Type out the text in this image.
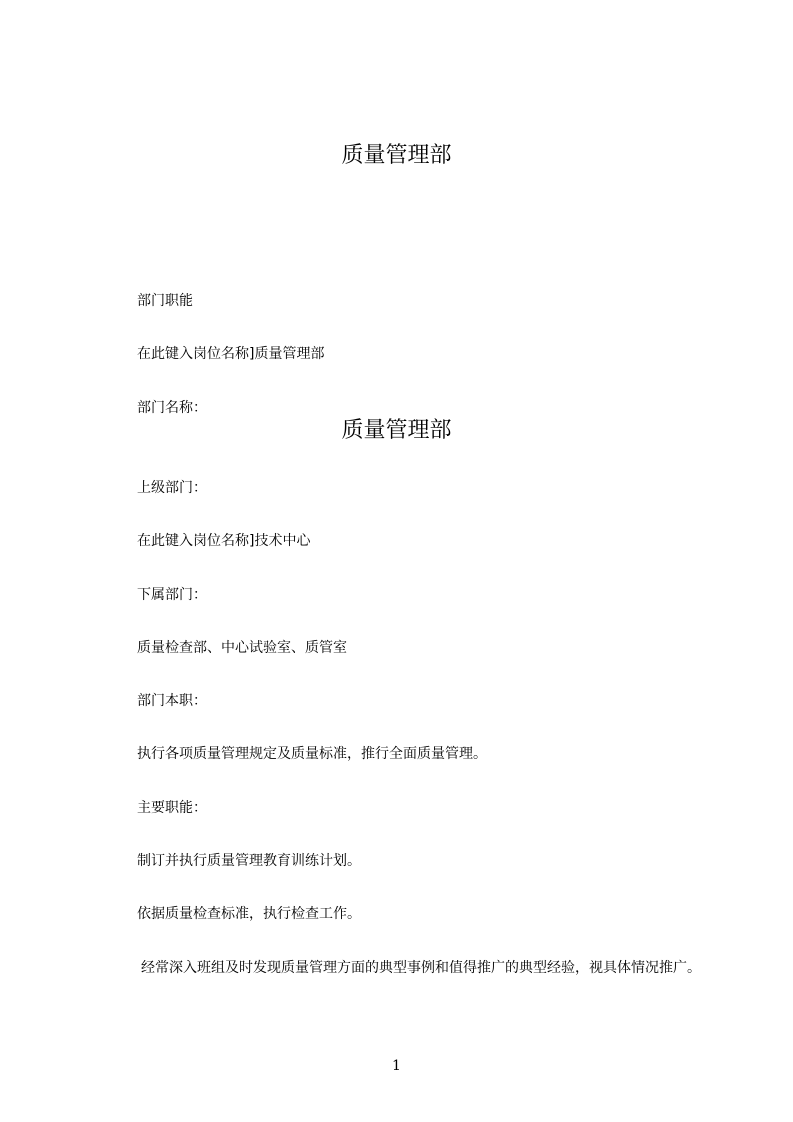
质量管理部

部门职能

在此键入岗位名称]质量管理部

部门名称：

质量管理部

上级部门：

在此键入岗位名称]技术中心

下属部门：

质量检查部、中心试验室、质管室

部门本职：

执行各项质量管理规定及质量标准，推行全面质量管理。

主要职能：

制订并执行质量管理教育训练计划。

依据质量检查标准，执行检查工作。

经常深入班组及时发现质量管理方面的典型事例和值得推广的典型经验，视具体情况推广。

1
